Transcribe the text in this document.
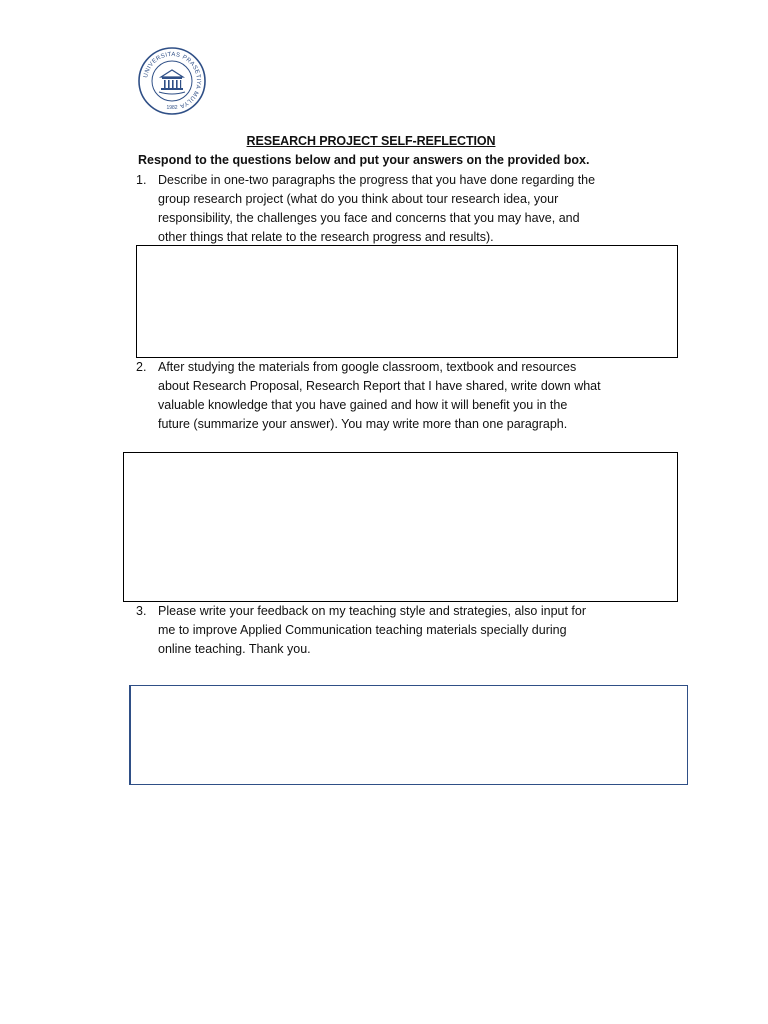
UNIVERSITAS PRASETIYA MULYA
1982
RESEARCH PROJECT SELF-REFLECTION
Respond to the questions below and put your answers on the provided box.
1. Describe in one-two paragraphs the progress that you have done regarding the
group research project (what do you think about tour research idea, your
responsibility, the challenges you face and concerns that you may have, and
other things that relate to the research progress and results).
2. After studying the materials from google classroom, textbook and resources
about Research Proposal, Research Report that I have shared, write down what
valuable knowledge that you have gained and how it will benefit you in the
future (summarize your answer). You may write more than one paragraph.
3. Please write your feedback on my teaching style and strategies, also input for
me to improve Applied Communication teaching materials specially during
online teaching. Thank you.
